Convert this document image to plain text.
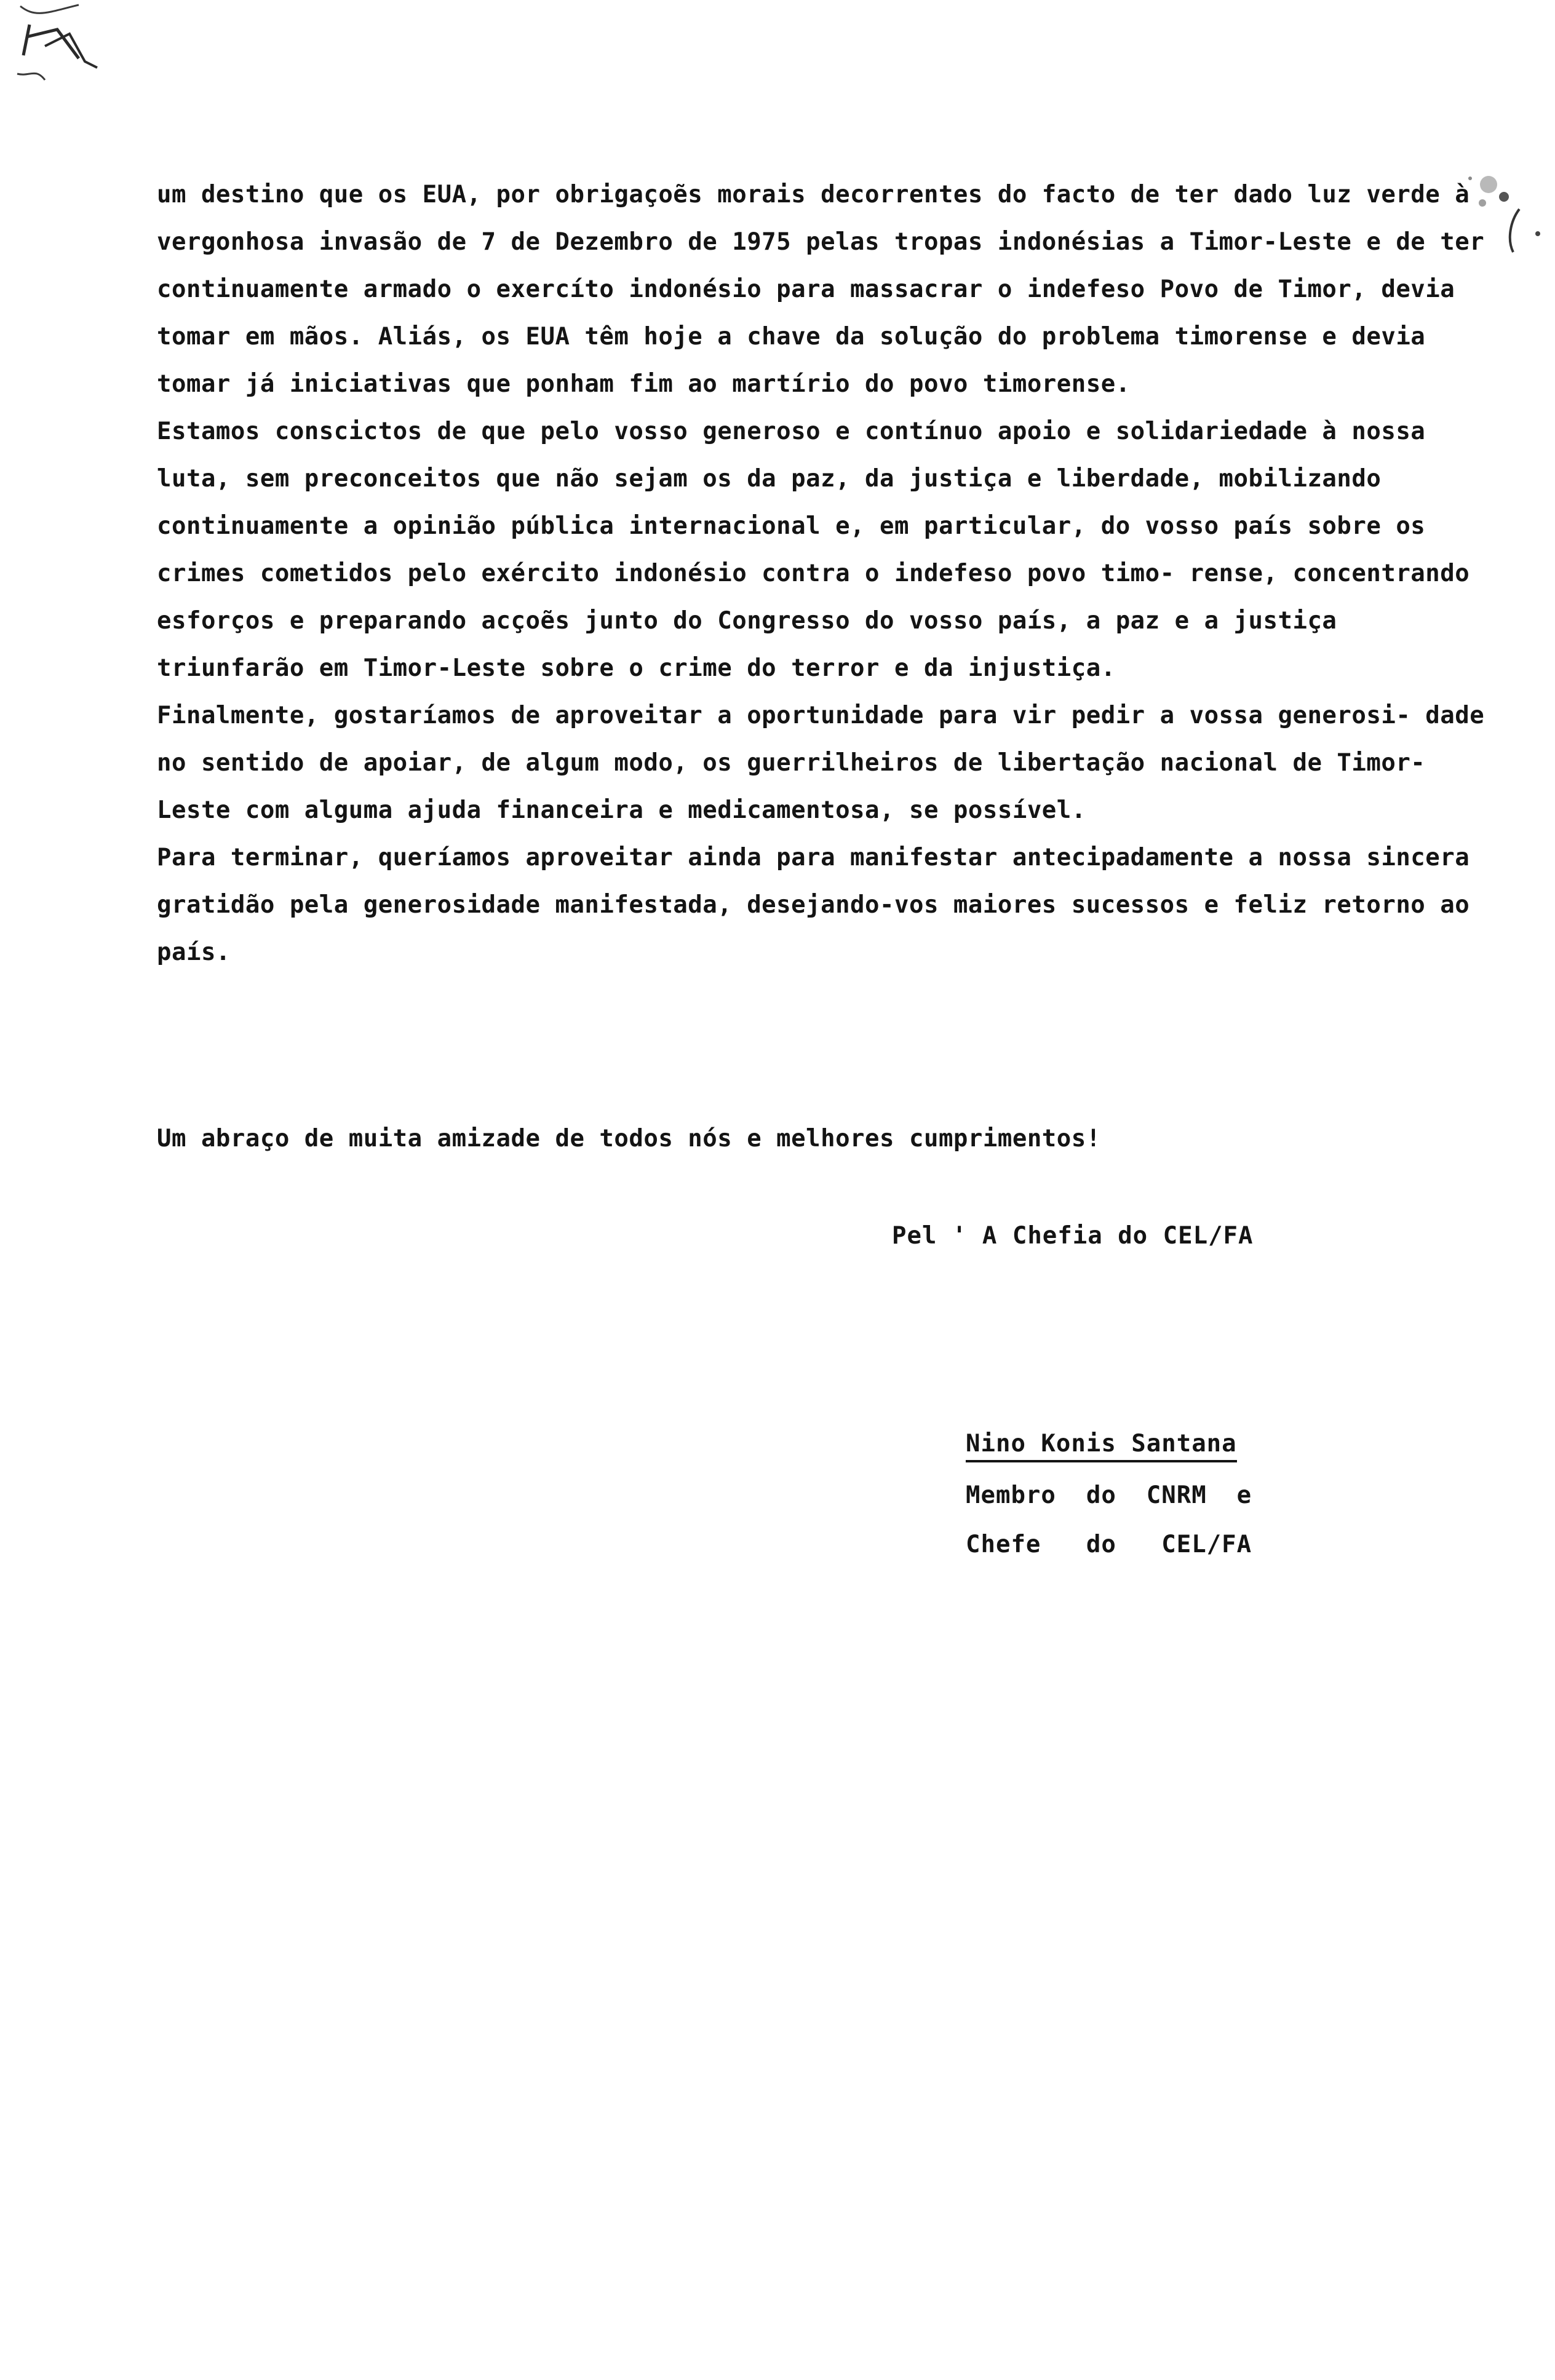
um destino que os EUA, por obrigaçoẽs morais decorrentes do facto de ter dado luz verde à vergonhosa invasão de 7 de Dezembro de 1975 pelas tropas indonésias a Timor-Leste e de ter continuamente armado o exercíto indonésio para massacrar o indefeso Povo de Timor, devia tomar em mãos. Aliás, os EUA têm hoje a chave da solução do problema timorense e devia tomar já iniciativas que ponham fim ao martírio do povo timorense.

Estamos conscictos de que pelo vosso generoso e contínuo apoio e solidariedade à nossa luta, sem preconceitos que não sejam os da paz, da justiça e liberdade, mobilizando continuamente a opinião pública internacional e, em particular, do vosso país sobre os crimes cometidos pelo exército indonésio contra o indefeso povo timo- rense, concentrando esforços e preparando acçoẽs junto do Congresso do vosso país, a paz e a justiça triunfarão em Timor-Leste sobre o crime do terror e da injustiça.

Finalmente, gostaríamos de aproveitar a oportunidade para vir pedir a vossa generosi- dade no sentido de apoiar, de algum modo, os guerrilheiros de libertação nacional de Timor-Leste com alguma ajuda financeira e medicamentosa, se possível.

Para terminar, queríamos aproveitar ainda para manifestar antecipadamente a nossa sincera gratidão pela generosidade manifestada, desejando-vos maiores sucessos e feliz retorno ao país.

Um abraço de muita amizade de todos nós e melhores cumprimentos!
Pel ' A Chefia do CEL/FA
Nino Konis Santana
Membro  do  CNRM  e
Chefe   do   CEL/FA
